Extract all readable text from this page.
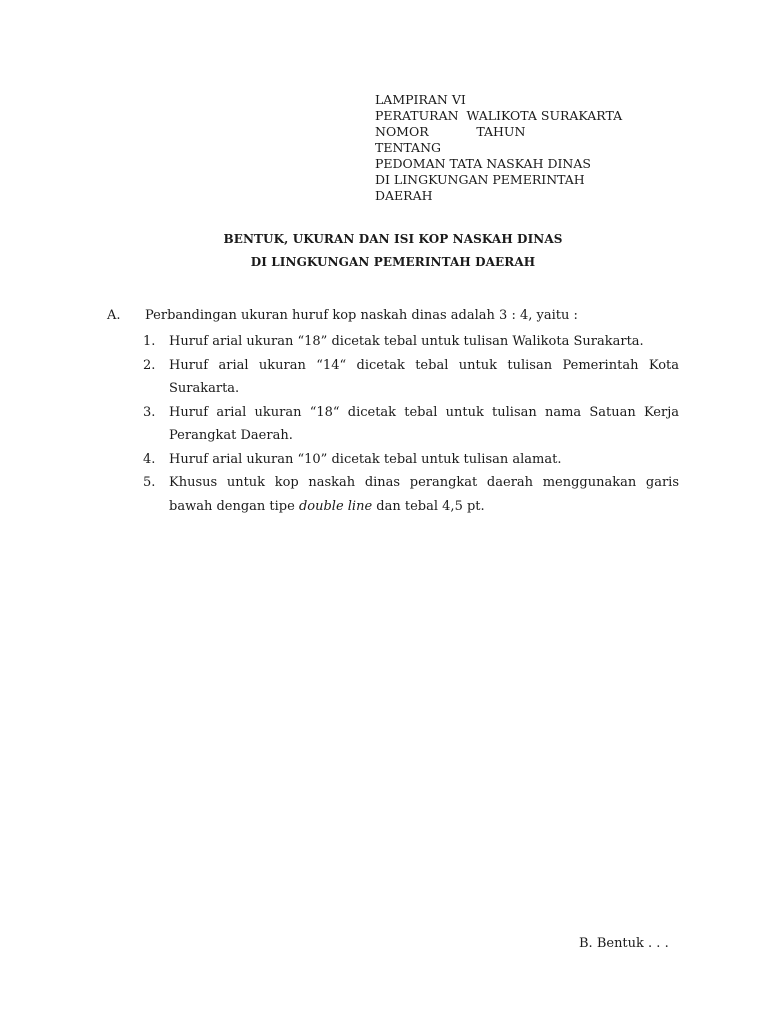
LAMPIRAN VI
PERATURAN  WALIKOTA SURAKARTA
NOMOR            TAHUN
TENTANG
PEDOMAN TATA NASKAH DINAS
DI LINGKUNGAN PEMERINTAH
DAERAH
BENTUK, UKURAN DAN ISI KOP NASKAH DINAS
DI LINGKUNGAN PEMERINTAH DAERAH
A. Perbandingan ukuran huruf kop naskah dinas adalah 3 : 4, yaitu :
1. Huruf arial ukuran “18” dicetak tebal untuk tulisan Walikota Surakarta.
2. Huruf arial ukuran “14“ dicetak tebal untuk tulisan Pemerintah Kota Surakarta.
3. Huruf arial ukuran “18“ dicetak tebal untuk tulisan nama Satuan Kerja Perangkat Daerah.
4. Huruf arial ukuran “10” dicetak tebal untuk tulisan alamat.
5. Khusus untuk kop naskah dinas perangkat daerah menggunakan garis bawah dengan tipe double line dan tebal 4,5 pt.
B. Bentuk . . .
